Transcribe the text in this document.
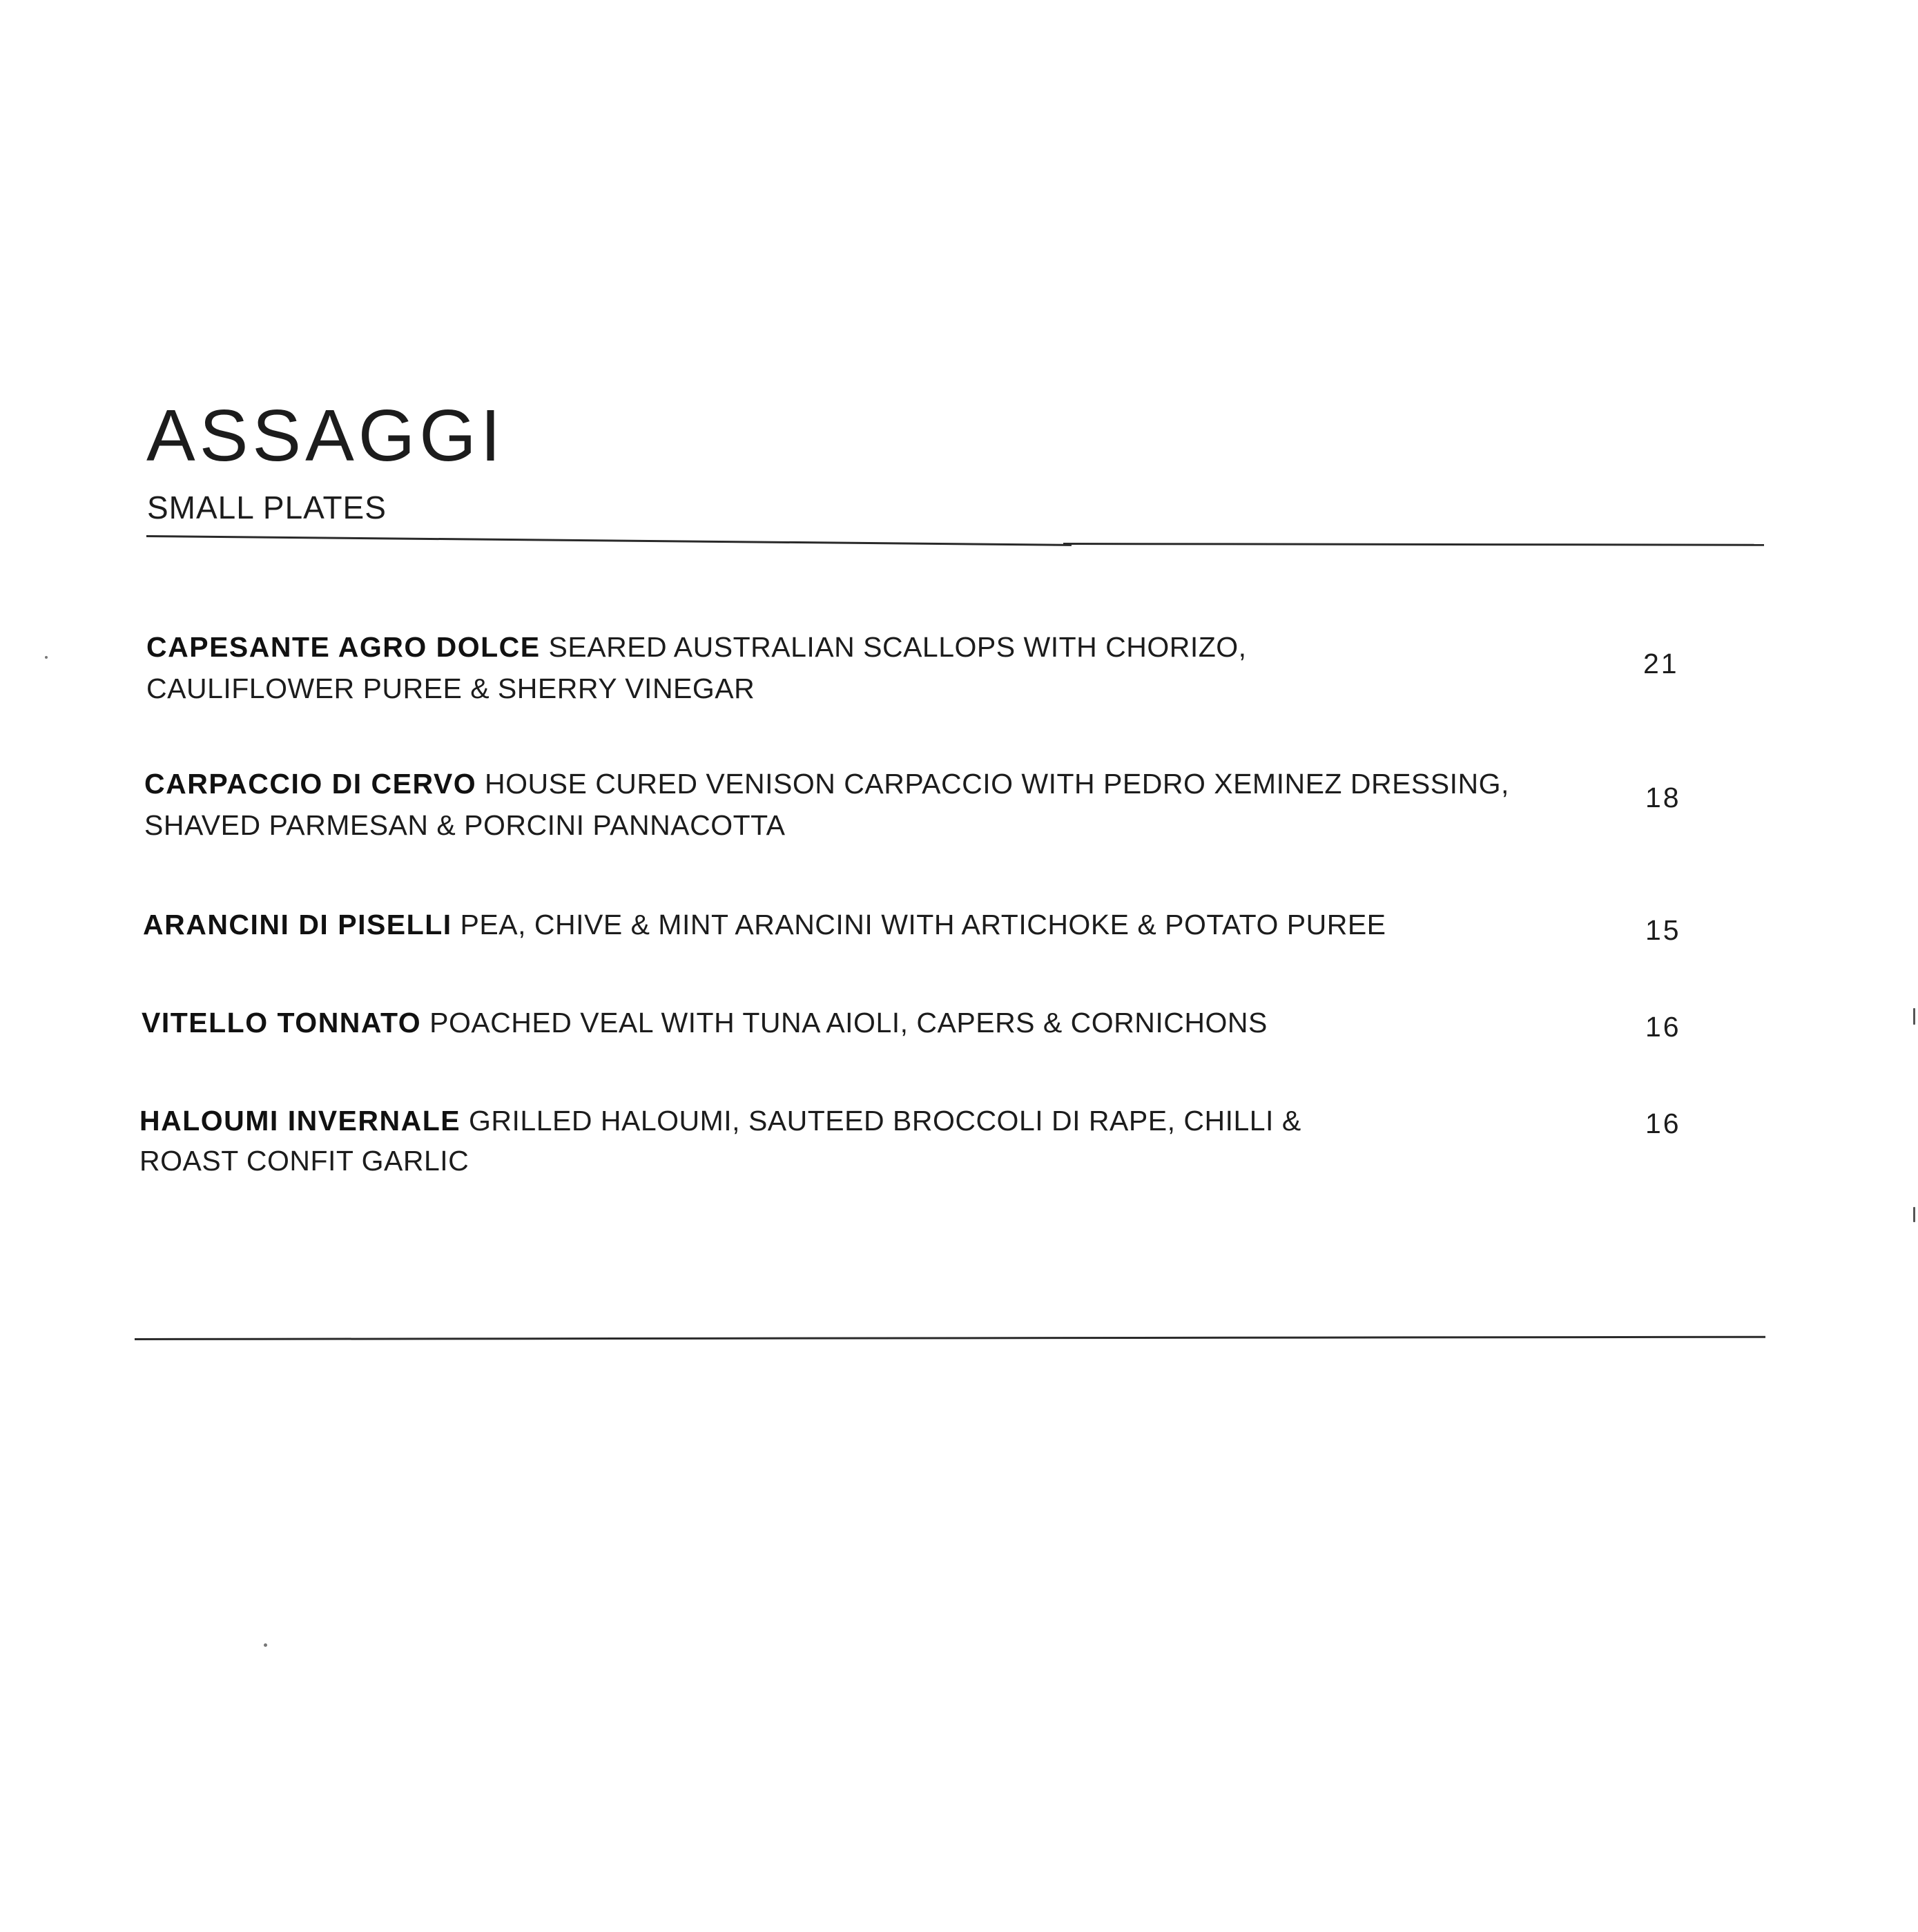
ASSAGGI
SMALL PLATES
CAPESANTE AGRO DOLCE SEARED AUSTRALIAN SCALLOPS WITH CHORIZO,
CAULIFLOWER PUREE & SHERRY VINEGAR
21
CARPACCIO DI CERVO HOUSE CURED VENISON CARPACCIO WITH PEDRO XEMINEZ DRESSING,
SHAVED PARMESAN & PORCINI PANNACOTTA
18
ARANCINI DI PISELLI PEA, CHIVE & MINT ARANCINI WITH ARTICHOKE & POTATO PUREE	15
VITELLO TONNATO POACHED VEAL WITH TUNA AIOLI, CAPERS & CORNICHONS	16
HALOUMI INVERNALE GRILLED HALOUMI, SAUTEED BROCCOLI DI RAPE, CHILLI &
ROAST CONFIT GARLIC
16
